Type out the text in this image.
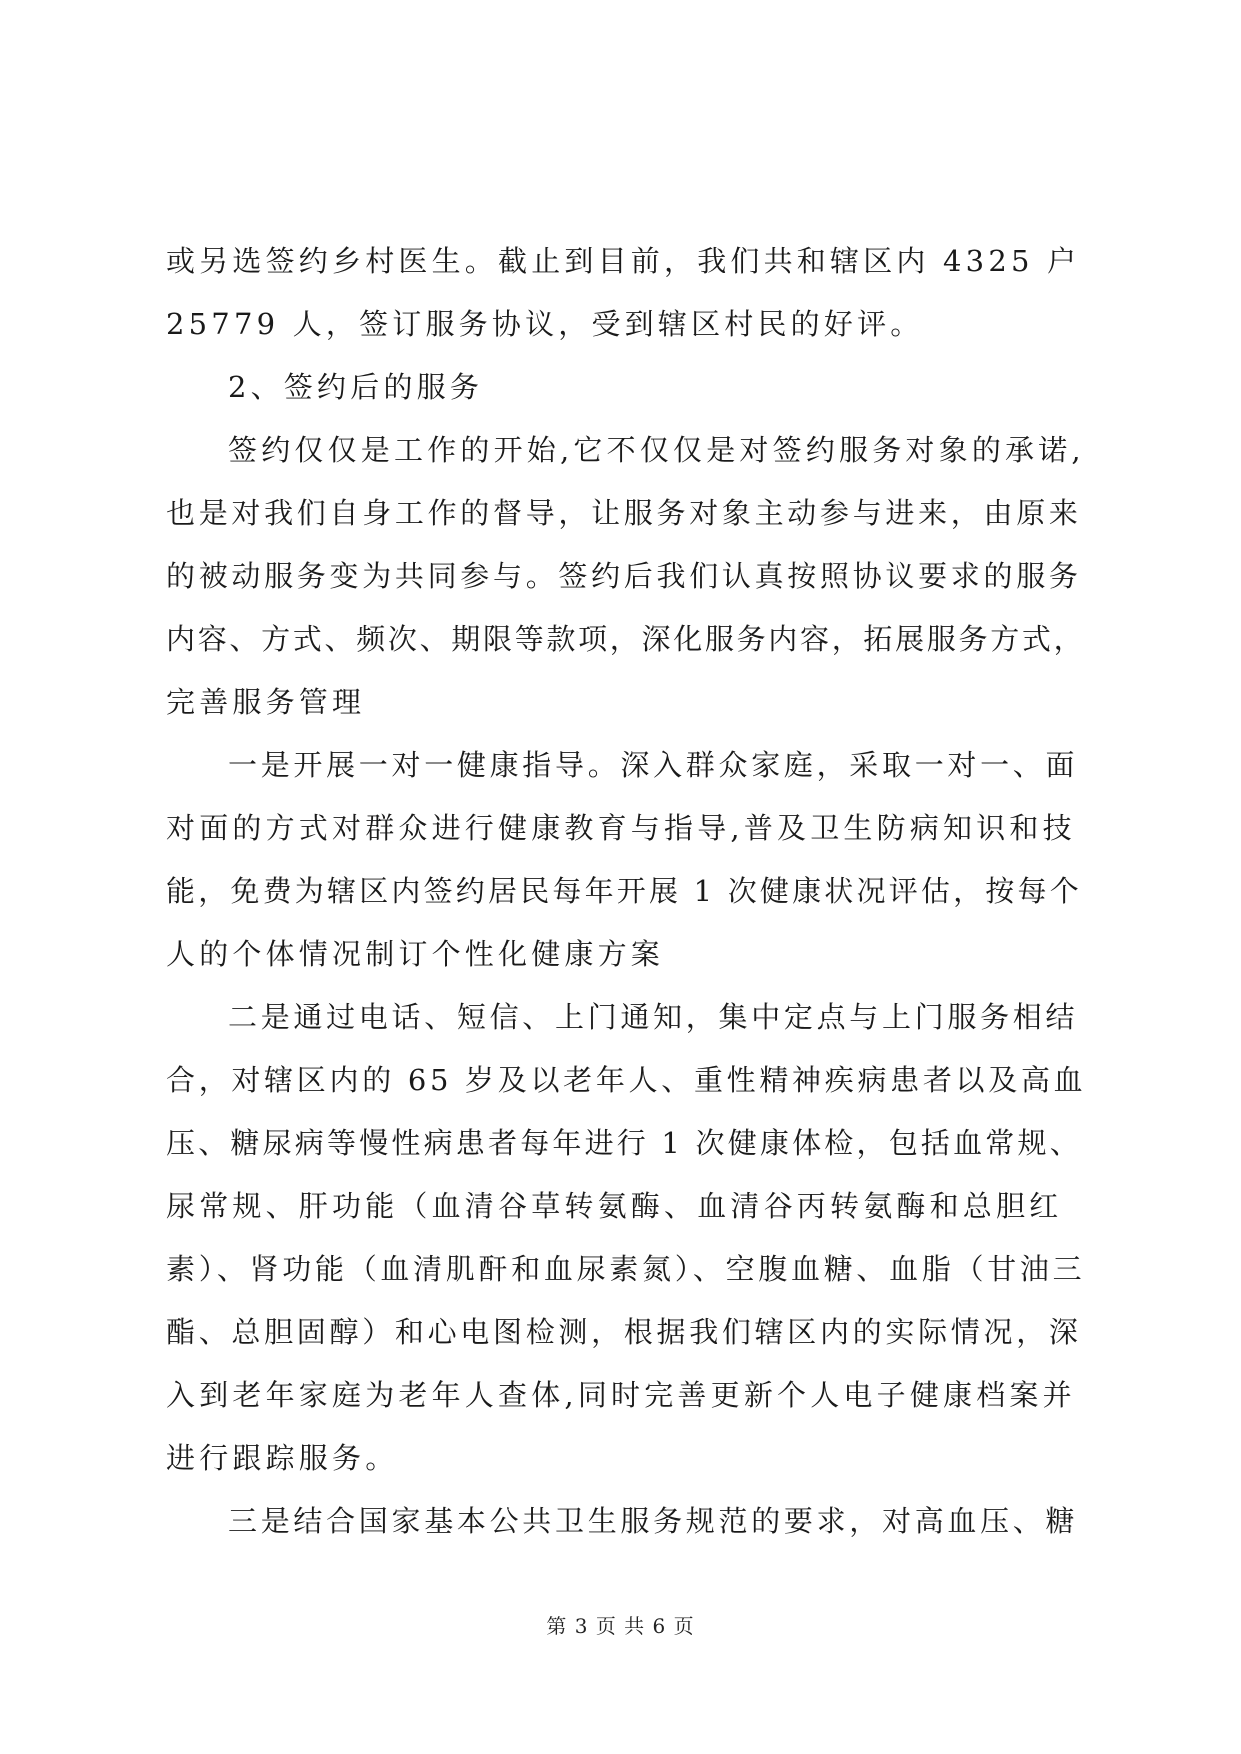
或另选签约乡村医生。截止到目前，我们共和辖区内 4325 户
25779 人，签订服务协议，受到辖区村民的好评。
2、签约后的服务
签约仅仅是工作的开始,它不仅仅是对签约服务对象的承诺,
也是对我们自身工作的督导，让服务对象主动参与进来，由原来
的被动服务变为共同参与。签约后我们认真按照协议要求的服务
内容、方式、频次、期限等款项，深化服务内容，拓展服务方式，
完善服务管理
一是开展一对一健康指导。深入群众家庭，采取一对一、面
对面的方式对群众进行健康教育与指导,普及卫生防病知识和技
能，免费为辖区内签约居民每年开展 1 次健康状况评估，按每个
人的个体情况制订个性化健康方案
二是通过电话、短信、上门通知，集中定点与上门服务相结
合，对辖区内的 65 岁及以老年人、重性精神疾病患者以及高血
压、糖尿病等慢性病患者每年进行 1 次健康体检，包括血常规、
尿常规、肝功能（血清谷草转氨酶、血清谷丙转氨酶和总胆红
素）、肾功能（血清肌酐和血尿素氮）、空腹血糖、血脂（甘油三
酯、总胆固醇）和心电图检测，根据我们辖区内的实际情况，深
入到老年家庭为老年人查体,同时完善更新个人电子健康档案并
进行跟踪服务。
三是结合国家基本公共卫生服务规范的要求，对高血压、糖
第 3 页 共 6 页
